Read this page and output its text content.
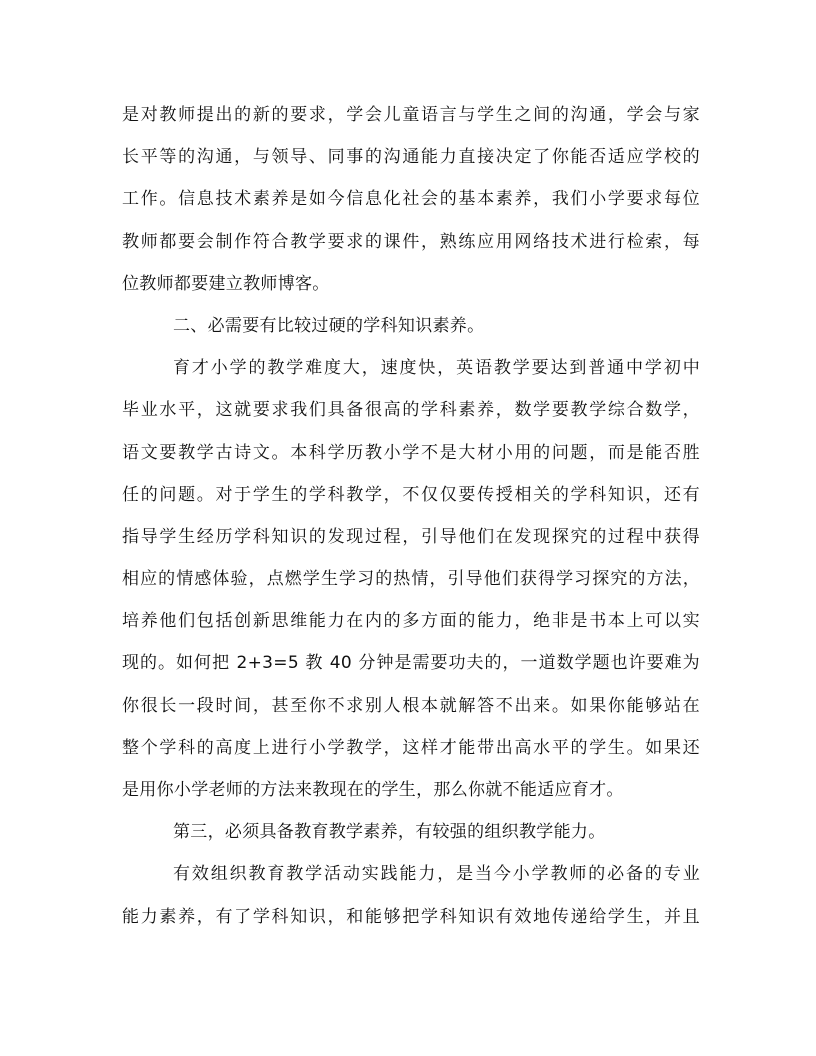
是对教师提出的新的要求，学会儿童语言与学生之间的沟通，学会与家
长平等的沟通，与领导、同事的沟通能力直接决定了你能否适应学校的
工作。信息技术素养是如今信息化社会的基本素养，我们小学要求每位
教师都要会制作符合教学要求的课件，熟练应用网络技术进行检索，每
位教师都要建立教师博客。
二、必需要有比较过硬的学科知识素养。
育才小学的教学难度大，速度快，英语教学要达到普通中学初中
毕业水平，这就要求我们具备很高的学科素养，数学要教学综合数学，
语文要教学古诗文。本科学历教小学不是大材小用的问题，而是能否胜
任的问题。对于学生的学科教学，不仅仅要传授相关的学科知识，还有
指导学生经历学科知识的发现过程，引导他们在发现探究的过程中获得
相应的情感体验，点燃学生学习的热情，引导他们获得学习探究的方法，
培养他们包括创新思维能力在内的多方面的能力，绝非是书本上可以实
现的。如何把 2+3=5 教 40 分钟是需要功夫的，一道数学题也许要难为
你很长一段时间，甚至你不求别人根本就解答不出来。如果你能够站在
整个学科的高度上进行小学教学，这样才能带出高水平的学生。如果还
是用你小学老师的方法来教现在的学生，那么你就不能适应育才。
第三，必须具备教育教学素养，有较强的组织教学能力。
有效组织教育教学活动实践能力，是当今小学教师的必备的专业
能力素养，有了学科知识，和能够把学科知识有效地传递给学生，并且
